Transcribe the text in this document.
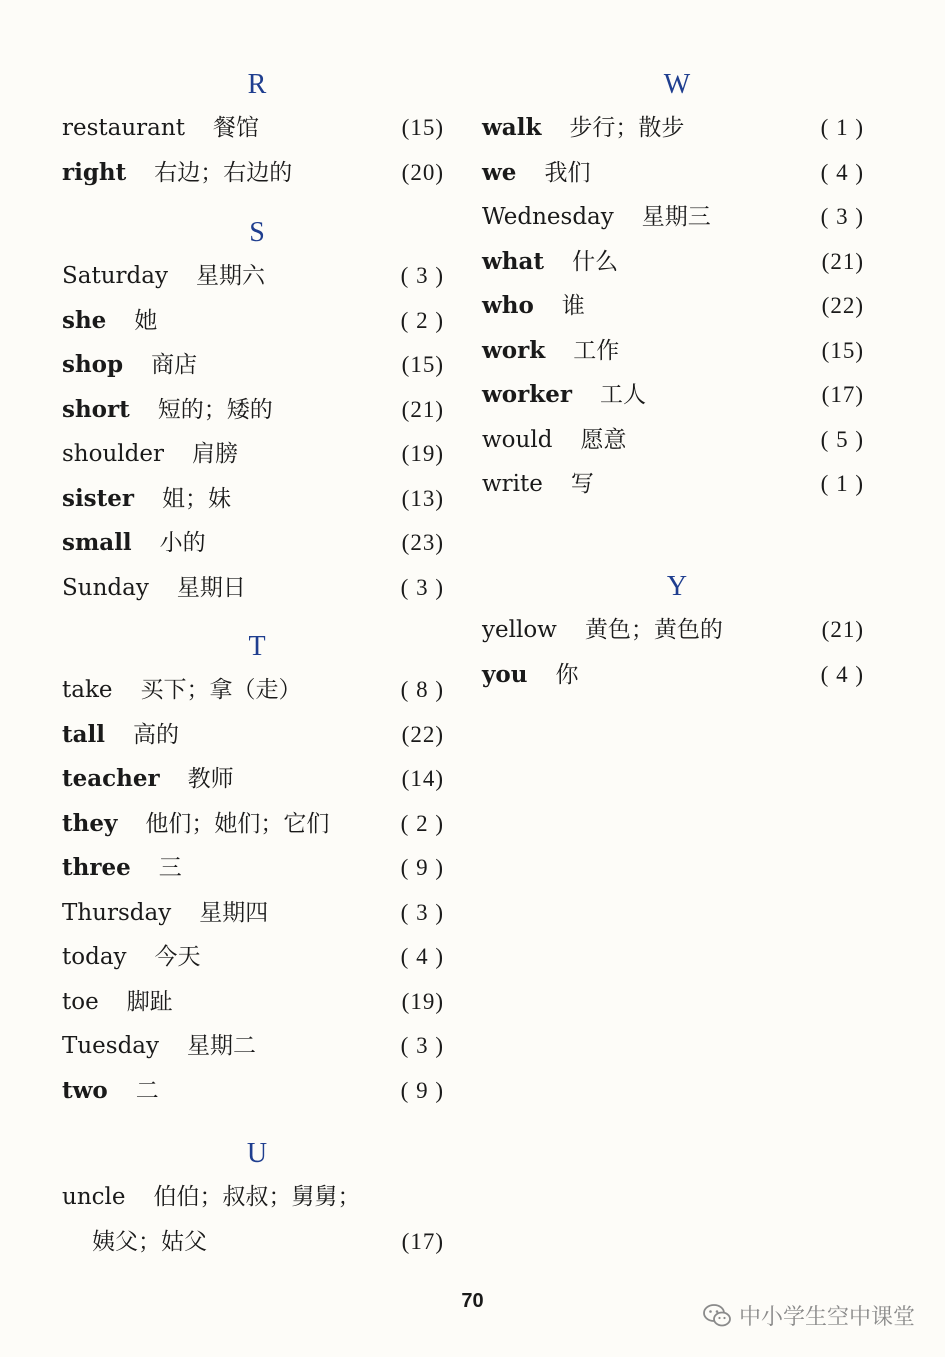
R
restaurant 餐馆	(15)
right 右边；右边的	(20)
S
Saturday 星期六	( 3 )
she 她	( 2 )
shop 商店	(15)
short 短的；矮的	(21)
shoulder 肩膀	(19)
sister 姐；妹	(13)
small 小的	(23)
Sunday 星期日	( 3 )
T
take 买下；拿（走）	( 8 )
tall 高的	(22)
teacher 教师	(14)
they 他们；她们；它们	( 2 )
three 三	( 9 )
Thursday 星期四	( 3 )
today 今天	( 4 )
toe 脚趾	(19)
Tuesday 星期二	( 3 )
two 二	( 9 )
U
uncle 伯伯；叔叔；舅舅；
姨父；姑父	(17)
W
walk 步行；散步	( 1 )
we 我们	( 4 )
Wednesday 星期三	( 3 )
what 什么	(21)
who 谁	(22)
work 工作	(15)
worker 工人	(17)
would 愿意	( 5 )
write 写	( 1 )
Y
yellow 黄色；黄色的	(21)
you 你	( 4 )
70
中小学生空中课堂
